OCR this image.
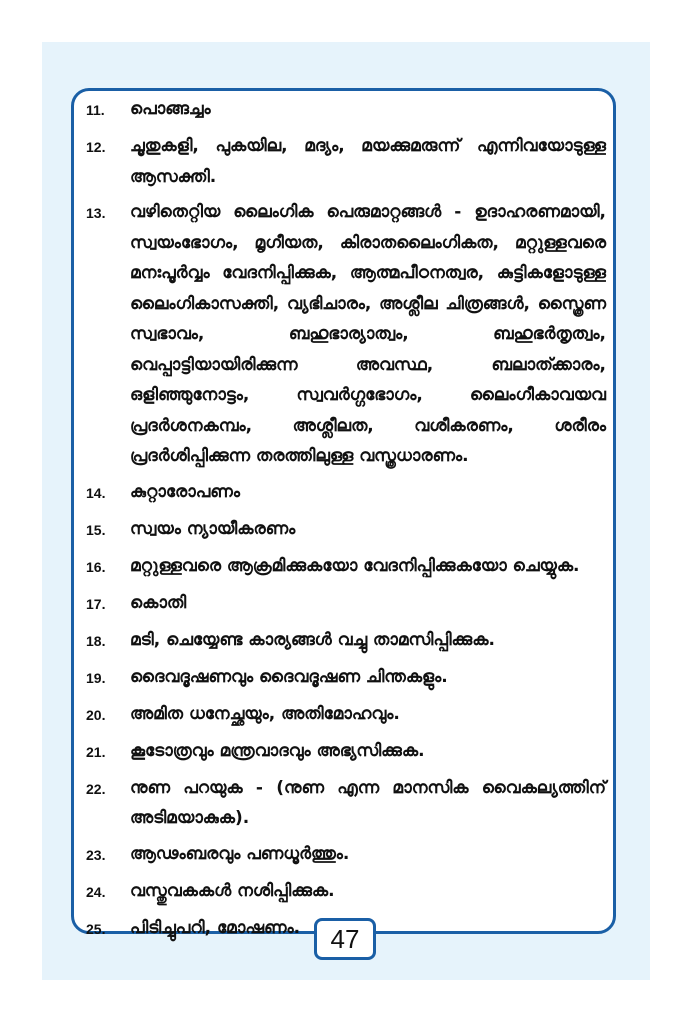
11.	പൊങ്ങച്ചം
12.	ചൂതുകളി, പുകയില, മദ്യം, മയക്കുമരുന്ന് എന്നിവയോടുള്ള ആസക്തി.
13.	വഴിതെറ്റിയ ലൈംഗിക പെരുമാറ്റങ്ങൾ - ഉദാഹരണമായി, സ്വയംഭോഗം, മൃഗീയത, കിരാതലൈംഗികത, മറ്റുള്ളവരെ മനഃപൂർവ്വം വേദനിപ്പിക്കുക, ആത്മപീഠനത്വര, കുട്ടികളോടുള്ള ലൈംഗികാസക്തി, വ്യഭിചാരം, അശ്ലീല ചിത്രങ്ങൾ, സ്ത്രൈണ സ്വഭാവം, ബഹുഭാര്യാത്വം, ബഹുഭർതൃത്വം, വെപ്പാട്ടിയായിരിക്കുന്ന അവസ്ഥ, ബലാത്ക്കാരം, ഒളിഞ്ഞുനോട്ടം, സ്വവർഗ്ഗഭോഗം, ലൈംഗീകാവയവ പ്രദർശനകമ്പം, അശ്ലീലത, വശീകരണം, ശരീരം പ്രദർശിപ്പിക്കുന്ന തരത്തിലുള്ള വസ്ത്രധാരണം.
14.	കുറ്റാരോപണം
15.	സ്വയം ന്യായീകരണം
16.	മറ്റുള്ളവരെ ആക്രമിക്കുകയോ വേദനിപ്പിക്കുകയോ ചെയ്യുക.
17.	കൊതി
18.	മടി, ചെയ്യേണ്ട കാര്യങ്ങൾ വച്ചു താമസിപ്പിക്കുക.
19.	ദൈവദൂഷണവും ദൈവദൂഷണ ചിന്തകളും.
20.	അമിത ധനേച്ഛയും, അതിമോഹവും.
21.	കൂടോത്രവും മന്ത്രവാദവും അഭ്യസിക്കുക.
22.	നുണ പറയുക - (നുണ എന്ന മാനസിക വൈകല്യത്തിന് അടിമയാകുക).
23.	ആഢംബരവും പണധൂർത്തും.
24.	വസ്തുവകകൾ നശിപ്പിക്കുക.
25.	പിടിച്ചുപറി, മോഷണം.	47
